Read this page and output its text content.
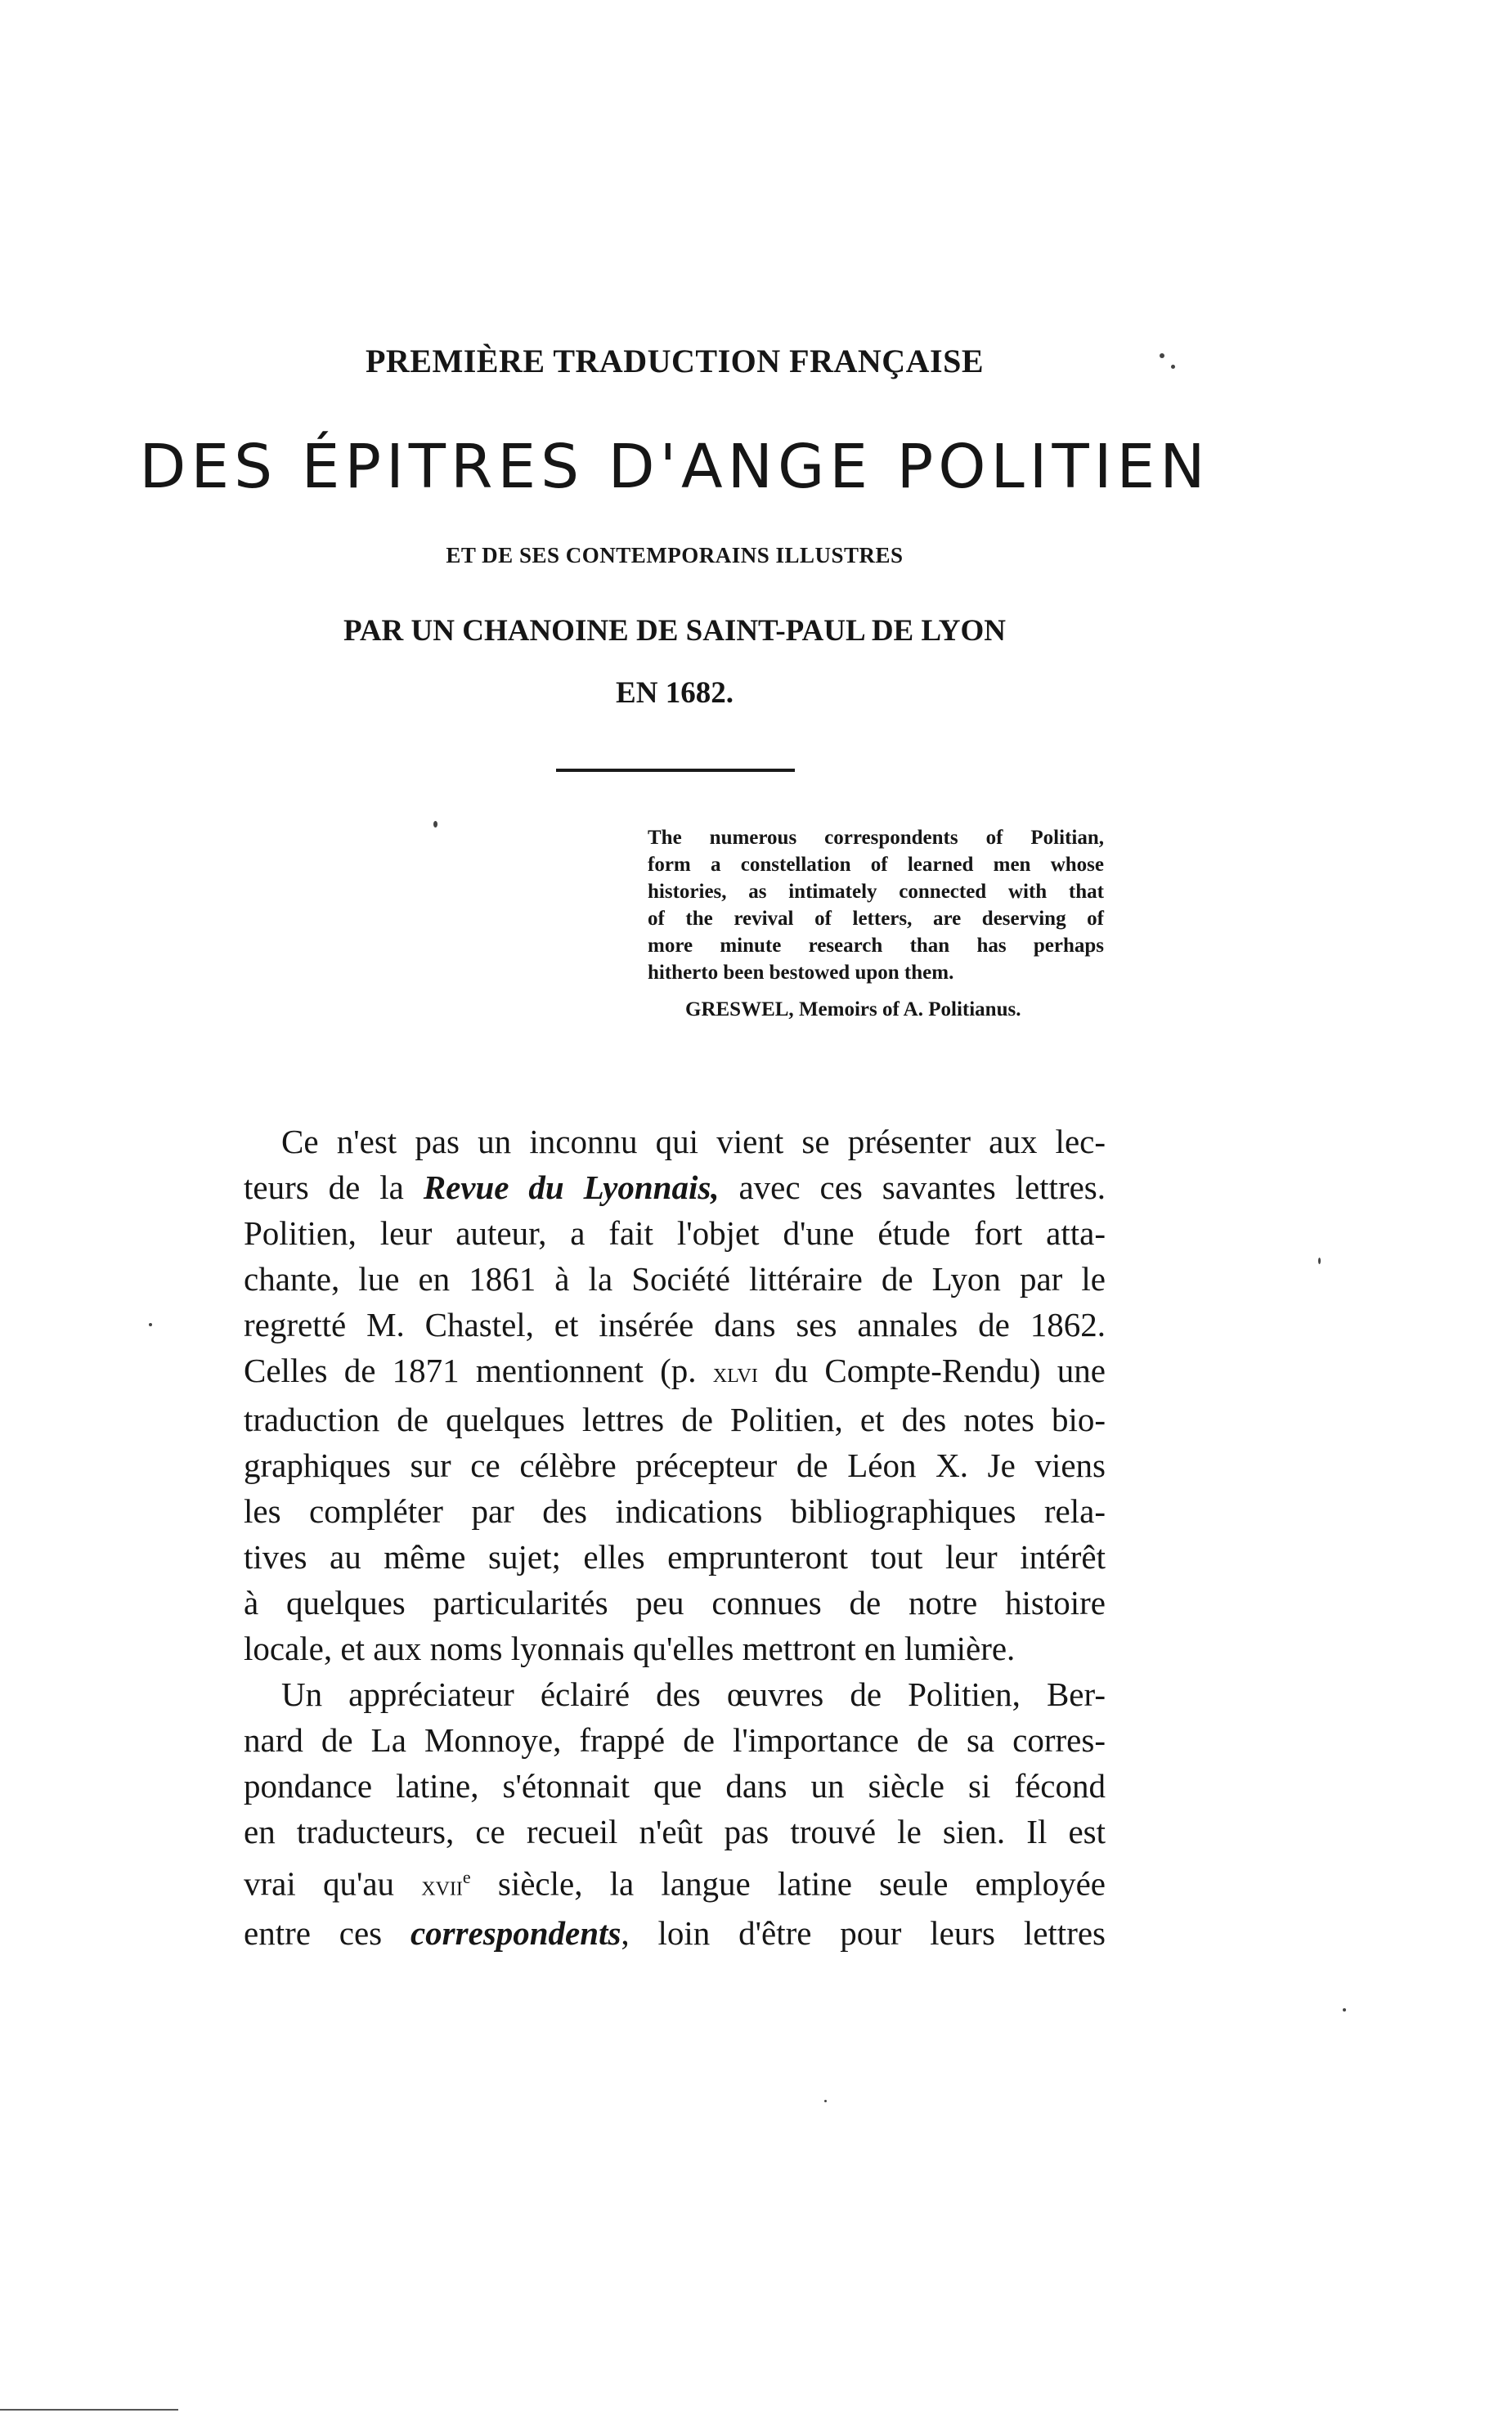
PREMIÈRE TRADUCTION FRANÇAISE
DES ÉPITRES D'ANGE POLITIEN
ET DE SES CONTEMPORAINS ILLUSTRES
PAR UN CHANOINE DE SAINT-PAUL DE LYON
EN 1682.
The numerous correspondents of Politian,
form a constellation of learned men whose
histories, as intimately connected with that
of the revival of letters, are deserving of
more minute research than has perhaps
hitherto been bestowed upon them.
GRESWEL, Memoirs of A. Politianus.
Ce n'est pas un inconnu qui vient se présenter aux lec-
teurs de la Revue du Lyonnais, avec ces savantes lettres.
Politien, leur auteur, a fait l'objet d'une étude fort atta-
chante, lue en 1861 à la Société littéraire de Lyon par le
regretté M. Chastel, et insérée dans ses annales de 1862.
Celles de 1871 mentionnent (p. xlvi du Compte-Rendu) une
traduction de quelques lettres de Politien, et des notes bio-
graphiques sur ce célèbre précepteur de Léon X. Je viens
les compléter par des indications bibliographiques rela-
tives au même sujet; elles emprunteront tout leur intérêt
à quelques particularités peu connues de notre histoire
locale, et aux noms lyonnais qu'elles mettront en lumière.
Un appréciateur éclairé des œuvres de Politien, Ber-
nard de La Monnoye, frappé de l'importance de sa corres-
pondance latine, s'étonnait que dans un siècle si fécond
en traducteurs, ce recueil n'eût pas trouvé le sien. Il est
vrai qu'au xvii$^e$ siècle, la langue latine seule employée
entre ces correspondents, loin d'être pour leurs lettres
